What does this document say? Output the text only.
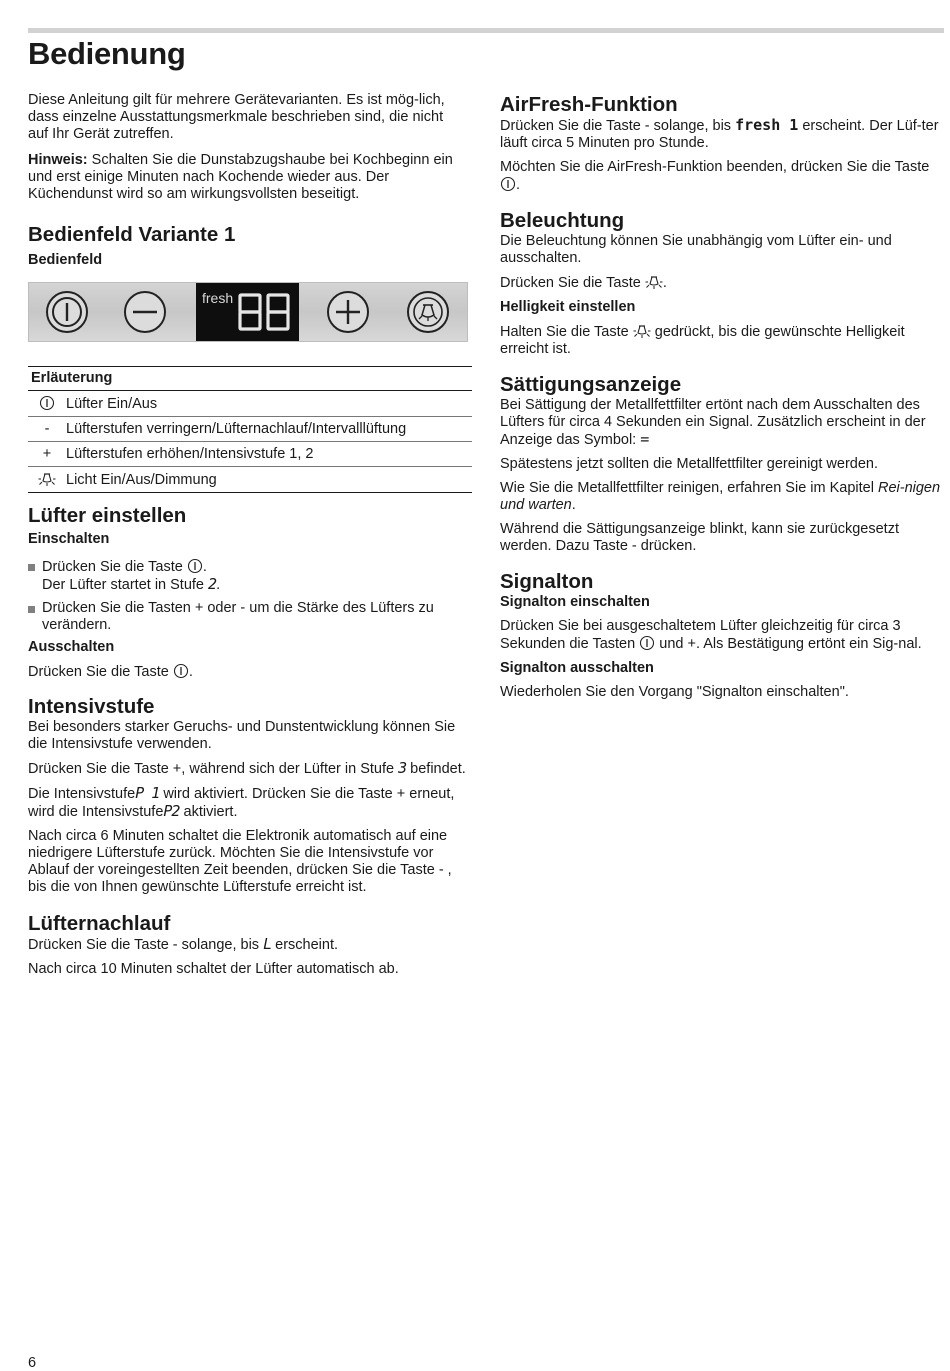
Bedienung

Diese Anleitung gilt für mehrere Gerätevarianten. Es ist mög-lich, dass einzelne Ausstattungsmerkmale beschrieben sind, die nicht auf Ihr Gerät zutreffen.

Hinweis: Schalten Sie die Dunstabzugshaube bei Kochbeginn ein und erst einige Minuten nach Kochende wieder aus. Der Küchendunst wird so am wirkungsvollsten beseitigt.

Bedienfeld Variante 1
Bedienfeld
fresh
Erläuterung	
	Lüfter Ein/Aus
-	Lüfterstufen verringern/Lüfternachlauf/Intervalllüftung
+	Lüfterstufen erhöhen/Intensivstufe 1, 2
	Licht Ein/Aus/Dimmung
Lüfter einstellen
Einschalten
Drücken Sie die Taste .
Der Lüfter startet in Stufe 2.
Drücken Sie die Tasten + oder - um die Stärke des Lüfters zu verändern.
Ausschalten

Drücken Sie die Taste .

Intensivstufe

Bei besonders starker Geruchs- und Dunstentwicklung können Sie die Intensivstufe verwenden.

Drücken Sie die Taste +, während sich der Lüfter in Stufe 3 befindet.

Die IntensivstufeP 1 wird aktiviert. Drücken Sie die Taste + erneut, wird die IntensivstufeP2 aktiviert.

Nach circa 6 Minuten schaltet die Elektronik automatisch auf eine niedrigere Lüfterstufe zurück. Möchten Sie die Intensivstufe vor Ablauf der voreingestellten Zeit beenden, drücken Sie die Taste - , bis die von Ihnen gewünschte Lüfterstufe erreicht ist.

Lüfternachlauf

Drücken Sie die Taste - solange, bis L erscheint.

Nach circa 10 Minuten schaltet der Lüfter automatisch ab.

AirFresh-Funktion

Drücken Sie die Taste - solange, bis fresh 1 erscheint. Der Lüf-ter läuft circa 5 Minuten pro Stunde.

Möchten Sie die AirFresh-Funktion beenden, drücken Sie die Taste .

Beleuchtung

Die Beleuchtung können Sie unabhängig vom Lüfter ein- und ausschalten.

Drücken Sie die Taste .

Helligkeit einstellen

Halten Sie die Taste gedrückt, bis die gewünschte Helligkeit erreicht ist.

Sättigungsanzeige

Bei Sättigung der Metallfettfilter ertönt nach dem Ausschalten des Lüfters für circa 4 Sekunden ein Signal. Zusätzlich erscheint in der Anzeige das Symbol: =

Spätestens jetzt sollten die Metallfettfilter gereinigt werden.

Wie Sie die Metallfettfilter reinigen, erfahren Sie im Kapitel Rei-nigen und warten.

Während die Sättigungsanzeige blinkt, kann sie zurückgesetzt werden. Dazu Taste - drücken.

Signalton
Signalton einschalten

Drücken Sie bei ausgeschaltetem Lüfter gleichzeitig für circa 3 Sekunden die Tasten und +. Als Bestätigung ertönt ein Sig-nal.

Signalton ausschalten

Wiederholen Sie den Vorgang "Signalton einschalten".

6
